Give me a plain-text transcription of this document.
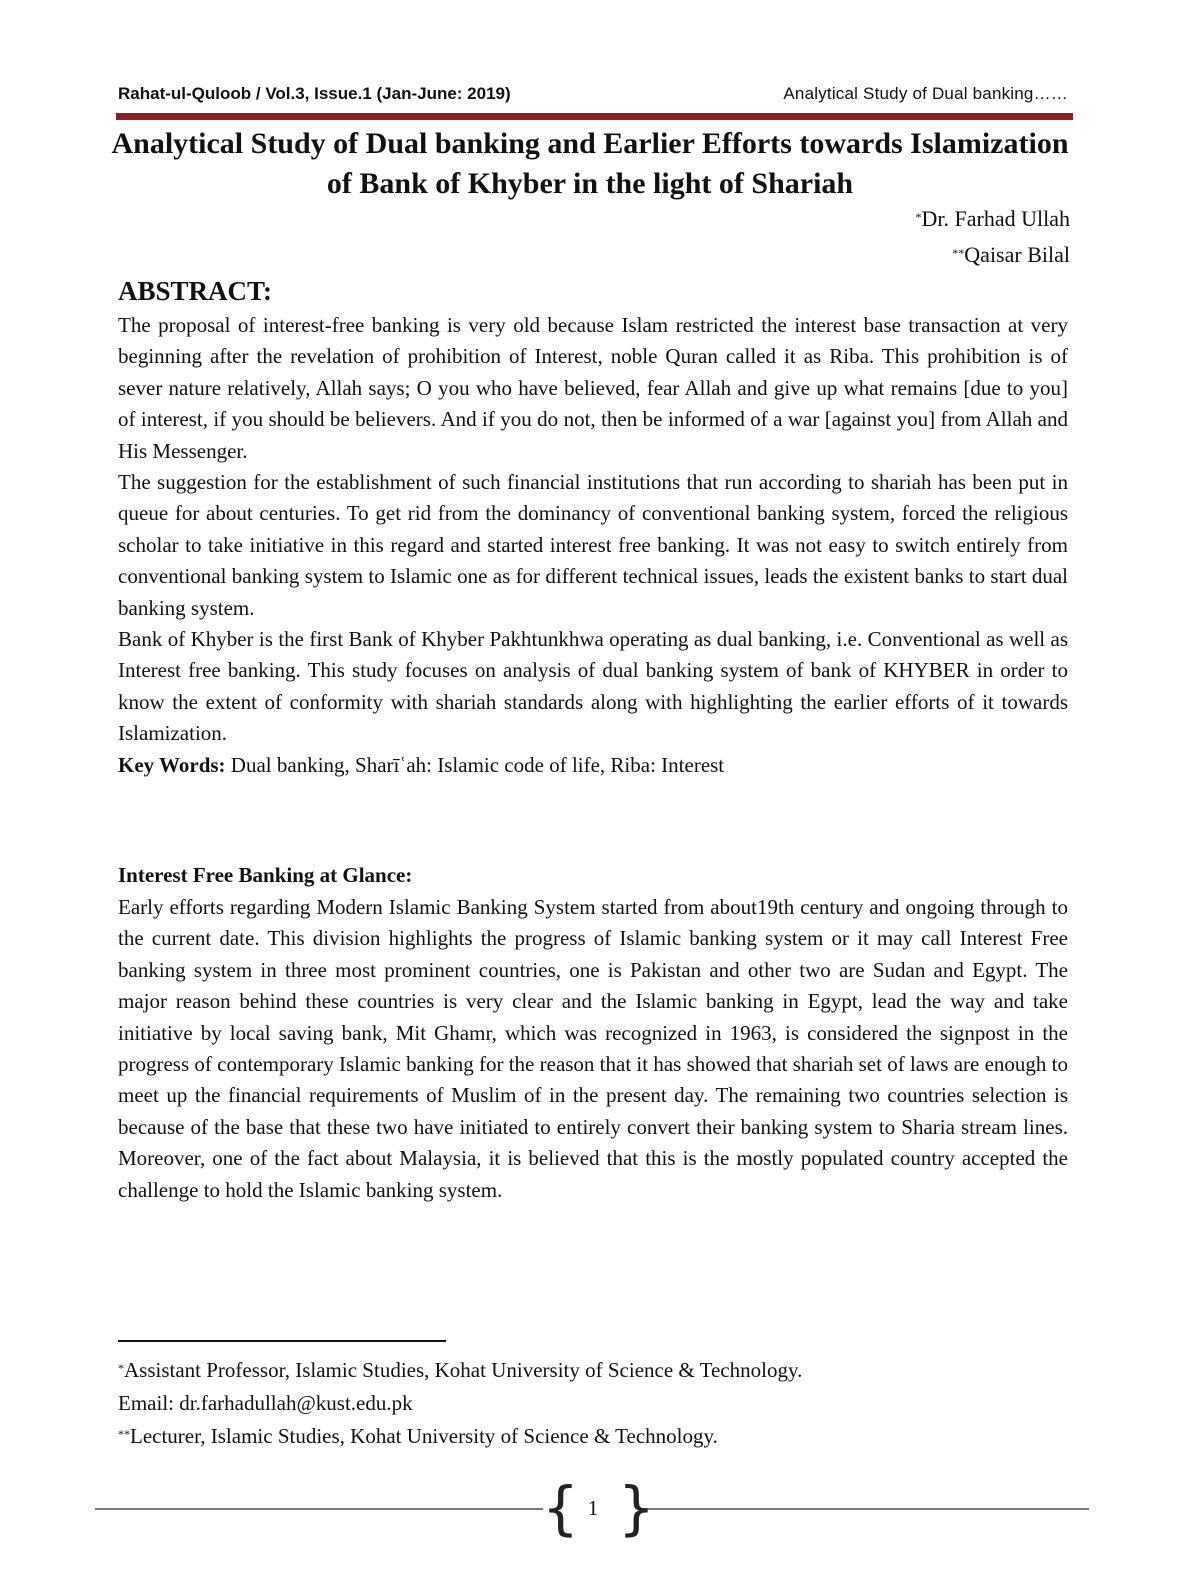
Rahat-ul-Quloob / Vol.3, Issue.1 (Jan-June: 2019)	Analytical Study of Dual banking……
Analytical Study of Dual banking and Earlier Efforts towards Islamization of Bank of Khyber in the light of Shariah
*Dr. Farhad Ullah
**Qaisar Bilal
ABSTRACT:

The proposal of interest-free banking is very old because Islam restricted the interest base transaction at very beginning after the revelation of prohibition of Interest, noble Quran called it as Riba. This prohibition is of sever nature relatively, Allah says; O you who have believed, fear Allah and give up what remains [due to you] of interest, if you should be believers. And if you do not, then be informed of a war [against you] from Allah and His Messenger.

The suggestion for the establishment of such financial institutions that run according to shariah has been put in queue for about centuries. To get rid from the dominancy of conventional banking system, forced the religious scholar to take initiative in this regard and started interest free banking. It was not easy to switch entirely from conventional banking system to Islamic one as for different technical issues, leads the existent banks to start dual banking system.

Bank of Khyber is the first Bank of Khyber Pakhtunkhwa operating as dual banking, i.e. Conventional as well as Interest free banking. This study focuses on analysis of dual banking system of bank of KHYBER in order to know the extent of conformity with shariah standards along with highlighting the earlier efforts of it towards Islamization.

Key Words: Dual banking, Sharīʿah: Islamic code of life, Riba: Interest

Interest Free Banking at Glance:

Early efforts regarding Modern Islamic Banking System started from about19th century and ongoing through to the current date. This division highlights the progress of Islamic banking system or it may call Interest Free banking system in three most prominent countries, one is Pakistan and other two are Sudan and Egypt. The major reason behind these countries is very clear and the Islamic banking in Egypt, lead the way and take initiative by local saving bank, Mit Ghamr, which was recognized in 1963, is considered the signpost in the progress of contemporary Islamic banking for the reason that it has showed that shariah set of laws are enough to meet up the financial requirements of Muslim of in the present day. The remaining two countries selection is because of the base that these two have initiated to entirely convert their banking system to Sharia stream lines. Moreover, one of the fact about Malaysia, it is believed that this is the mostly populated country accepted the challenge to hold the Islamic banking system.

*Assistant Professor, Islamic Studies, Kohat University of Science & Technology.
Email: dr.farhadullah@kust.edu.pk
**Lecturer, Islamic Studies, Kohat University of Science & Technology.
{ }
1
